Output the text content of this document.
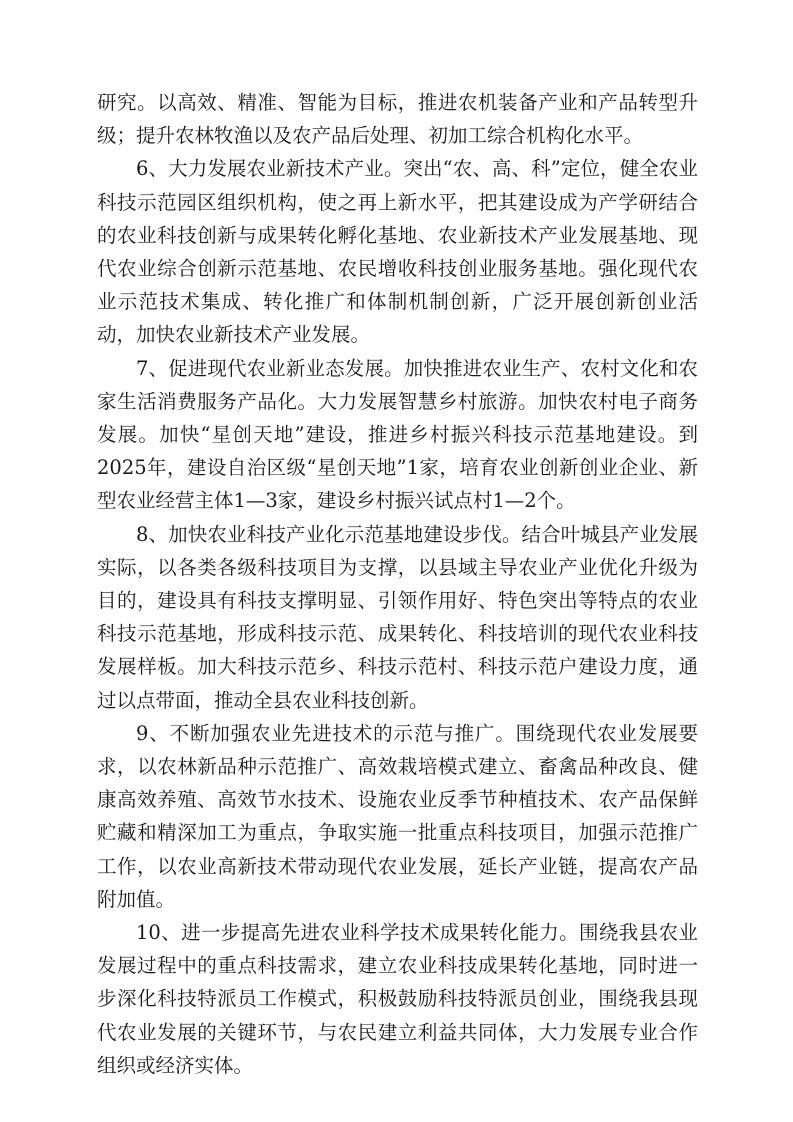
研究。以高效、精准、智能为目标，推进农机装备产业和产品转型升级；提升农林牧渔以及农产品后处理、初加工综合机构化水平。

6、大力发展农业新技术产业。突出“农、高、科”定位，健全农业科技示范园区组织机构，使之再上新水平，把其建设成为产学研结合的农业科技创新与成果转化孵化基地、农业新技术产业发展基地、现代农业综合创新示范基地、农民增收科技创业服务基地。强化现代农业示范技术集成、转化推广和体制机制创新，广泛开展创新创业活动，加快农业新技术产业发展。

7、促进现代农业新业态发展。加快推进农业生产、农村文化和农家生活消费服务产品化。大力发展智慧乡村旅游。加快农村电子商务发展。加快“星创天地”建设，推进乡村振兴科技示范基地建设。到2025年，建设自治区级“星创天地”1家，培育农业创新创业企业、新型农业经营主体1—3家，建设乡村振兴试点村1—2个。

8、加快农业科技产业化示范基地建设步伐。结合叶城县产业发展实际，以各类各级科技项目为支撑，以县域主导农业产业优化升级为目的，建设具有科技支撑明显、引领作用好、特色突出等特点的农业科技示范基地，形成科技示范、成果转化、科技培训的现代农业科技发展样板。加大科技示范乡、科技示范村、科技示范户建设力度，通过以点带面，推动全县农业科技创新。

9、不断加强农业先进技术的示范与推广。围绕现代农业发展要求，以农林新品种示范推广、高效栽培模式建立、畜禽品种改良、健康高效养殖、高效节水技术、设施农业反季节种植技术、农产品保鲜贮藏和精深加工为重点，争取实施一批重点科技项目，加强示范推广工作，以农业高新技术带动现代农业发展，延长产业链，提高农产品附加值。

10、进一步提高先进农业科学技术成果转化能力。围绕我县农业发展过程中的重点科技需求，建立农业科技成果转化基地，同时进一步深化科技特派员工作模式，积极鼓励科技特派员创业，围绕我县现代农业发展的关键环节，与农民建立利益共同体，大力发展专业合作组织或经济实体。
